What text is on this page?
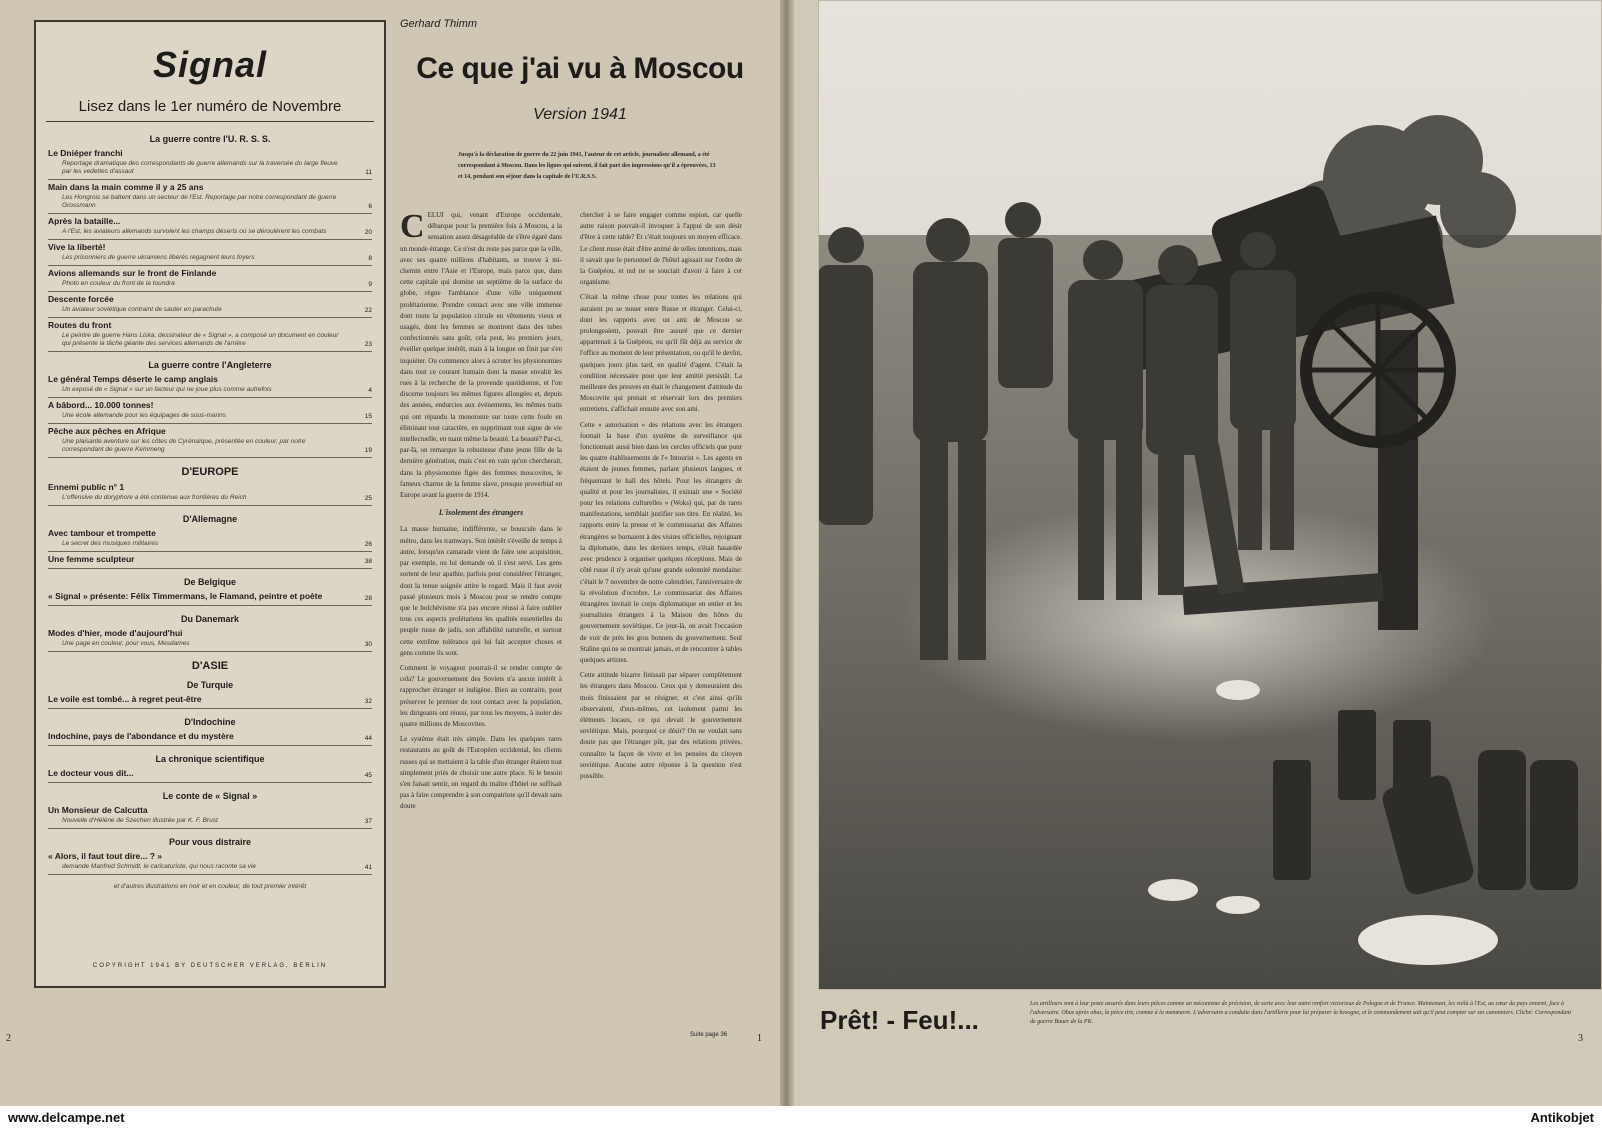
Signal
Lisez dans le 1er numéro de Novembre
La guerre contre l'U. R. S. S.
Le Dniéper franchi
Reportage dramatique des correspondants de guerre allemands sur la traversée du large fleuve par les vedettes d'assaut	11
Main dans la main comme il y a 25 ans
Les Hongrois se battent dans un secteur de l'Est. Reportage par notre correspondant de guerre Grossmann	6
Après la bataille...
A l'Est, les aviateurs allemands survolent les champs déserts où se déroulèrent les combats	20
Vive la liberté!
Les prisonniers de guerre ukrainiens libérés regagnent leurs foyers	8
Avions allemands sur le front de Finlande
Photo en couleur du front de la toundra	9
Descente forcée
Un aviateur soviétique contraint de sauter en parachute	22
Routes du front
Le peintre de guerre Hans Liska, dessinateur de « Signal », a composé un document en couleur qui présente la tâche géante des services allemands de l'arrière	23
La guerre contre l'Angleterre
Le général Temps déserte le camp anglais
Un exposé de « Signal » sur un facteur qui ne joue plus comme autrefois	4
A bâbord... 10.000 tonnes!
Une école allemande pour les équipages de sous-marins	15
Pêche aux pêches en Afrique
Une plaisante aventure sur les côtes de Cyrénaïque, présentée en couleur, par notre correspondant de guerre Kemmeng	19
D'EUROPE
Ennemi public n° 1
L'offensive du doryphore a été contenue aux frontières du Reich	25
D'Allemagne
Avec tambour et trompette
Le secret des musiques militaires	26
Une femme sculpteur	38
De Belgique
« Signal » présente: Félix Timmermans, le Flamand, peintre et poète	28
Du Danemark
Modes d'hier, mode d'aujourd'hui
Une page en couleur, pour vous, Mesdames	30
D'ASIE
De Turquie
Le voile est tombé... à regret peut-être	32
D'Indochine
Indochine, pays de l'abondance et du mystère	44
La chronique scientifique
Le docteur vous dit...	45
Le conte de « Signal »
Un Monsieur de Calcutta
Nouvelle d'Hélène de Szechen illustrée par K. F. Brust	37
Pour vous distraire
« Alors, il faut tout dire... ? »
demande Manfred Schmidt, le caricaturiste, qui nous raconte sa vie	41
et d'autres illustrations en noir et en couleur, de tout premier intérêt
COPYRIGHT 1941 BY DEUTSCHER VERLAG, BERLIN
Gerhard Thimm
Ce que j'ai vu à Moscou
Version 1941
Jusqu'à la déclaration de guerre du 22 juin 1941, l'auteur de cet article, journaliste allemand, a été correspondant à Moscou. Dans les lignes qui suivent, il fait part des impressions qu'il a éprouvées, 13 et 14, pendant son séjour dans la capitale de l'U.R.S.S.

C ELUI qui, venant d'Europe occidentale, débarque pour la première fois à Moscou, a la sensation assez désagréable de s'être égaré dans un monde étrange. Ce n'est du reste pas parce que la ville, avec ses quatre millions d'habitants, se trouve à mi-chemin entre l'Asie et l'Europe, mais parce que, dans cette capitale qui domine un septième de la surface du globe, règne l'ambiance d'une ville uniquement prolétarienne. Prendre contact avec une ville immense dont toute la population circule en vêtements vieux et usagés, dont les femmes se montrent dans des tubes confectionnés sans goût, cela peut, les premiers jours, éveiller quelque intérêt, mais à la longue on finit par s'en inquiéter. On commence alors à scruter les physionomies dans tout ce courant humain dont la masse envahit les rues à la recherche de la provende quotidienne, et l'on discerne toujours les mêmes figures allongées et, depuis des années, endurcies aux événements, les mêmes traits qui ont répandu la monotonie sur toute cette foule en éliminant tout caractère, en supprimant tout signe de vie intellectuelle, en tuant même la beauté. La beauté? Par-ci, par-là, on remarque la robustesse d'une jeune fille de la dernière génération, mais c'est en vain qu'on chercherait, dans la physionomie figée des femmes moscovites, le fameux charme de la femme slave, presque proverbial en Europe avant la guerre de 1914.

L'isolement des étrangers

La masse humaine, indifférente, se bouscule dans le métro, dans les tramways. Son intérêt s'éveille de temps à autre, lorsqu'un camarade vient de faire une acquisition, par exemple, ou lui demande où il s'est servi. Les gens sortent de leur apathie, parfois pour considérer l'étranger, dont la tenue soignée attire le regard. Mais il faut avoir passé plusieurs mois à Moscou pour se rendre compte que le bolchévisme n'a pas encore réussi à faire oublier tous ces aspects prolétariens les qualités essentielles du peuple russe de jadis, son affabilité naturelle, et surtout cette extrême tolérance qui lui fait accepter choses et gens comme ils sont.

Comment le voyageur pourrait-il se rendre compte de cela? Le gouvernement des Soviets n'a aucun intérêt à rapprocher étranger et indigène. Bien au contraire, pour préserver le premier de tout contact avec la population, les dirigeants ont réussi, par tous les moyens, à isoler des quatre millions de Moscovites.

Le système était très simple. Dans les quelques rares restaurants au goût de l'Européen occidental, les clients russes qui se mettaient à la table d'un étranger étaient tout simplement priés de choisir une autre place. Si le besoin s'en faisait sentir, un regard du maître d'hôtel ne suffisait pas à faire comprendre à son compatriote qu'il devait sans doute

chercher à se faire engager comme espion, car quelle autre raison pouvait-il invoquer à l'appui de son désir d'être à cette table? Et c'était toujours un moyen efficace. Le client russe était d'être animé de telles intentions, mais il savait que le personnel de l'hôtel agissait sur l'ordre de la Guépéou, et nul ne se souciait d'avoir à faire à cet organisme.

C'était la même chose pour toutes les relations qui auraient pu se nouer entre Russe et étranger. Celui-ci, dont les rapports avec un ami de Moscou se prolongeaient, pouvait être assuré que ce dernier appartenait à la Guépéou, ou qu'il fût déjà au service de l'office au moment de leur présentation, ou qu'il le devînt, quelques jours plus tard, en qualité d'agent. C'était la condition nécessaire pour que leur amitié persistât. La meilleure des preuves en était le changement d'attitude du Moscovite qui prenait et réservait lors des premiers entretiens, s'affichait ensuite avec son ami.

Cette « autorisation » des relations avec les étrangers formait la base d'un système de surveillance qui fonctionnait aussi bien dans les cercles officiels que pour les quatre établissements de l'« Intourist ». Les agents en étaient de jeunes femmes, parlant plusieurs langues, et fréquentant le hall des hôtels. Pour les étrangers de qualité et pour les journalistes, il existait une « Société pour les relations culturelles » (Woks) qui, par de rares manifestations, semblait justifier son titre. En réalité, les rapports entre la presse et le commissariat des Affaires étrangères se bornaient à des visites officielles, rejoignant la diplomatie, dans les derniers temps, s'était hasardée avec prudence à organiser quelques réceptions. Mais de côté russe il n'y avait qu'une grande solennité mondaine: c'était le 7 novembre de notre calendrier, l'anniversaire de la révolution d'octobre. Le commissariat des Affaires étrangères invitait le corps diplomatique en entier et les journalistes étrangers à la Maison des hôtes du gouvernement soviétique. Ce jour-là, on avait l'occasion de voir de près les gros bonnets du gouvernement. Seul Staline qui ne se montrait jamais, et de rencontrer à tables quelques artistes.

Cette attitude bizarre finissait par séparer complètement les étrangers dans Moscou. Ceux qui y demeuraient des mois finissaient par se résigner, et c'est ainsi qu'ils observaient, d'eux-mêmes, cet isolement parmi les éléments locaux, ce qui devait le gouvernement soviétique. Mais, pourquoi ce désir? On ne voulait sans doute pas que l'étranger pût, par des relations privées, connaître la façon de vivre et les pensées du citoyen soviétique. Aucune autre réponse à la question n'est possible.

Suite page 36
2	1	3
Prêt! - Feu!...
Les artilleurs sont à leur poste assurés dans leurs pièces comme un mécanisme de précision, de sorte avec leur autre renfort victorieux de Pologne et de France. Maintenant, les voilà à l'Est, au cœur du pays ennemi, face à l'adversaire. Obus après obus, la pièce tire, comme à la manœuvre. L'adversaire a conduite dans l'artillerie pour lui préparer la besogne, et le commandement sait qu'il peut compter sur ses canonniers. Cliché: Correspondant de guerre Bauer de la PK.
www.delcampe.net	Antikobjet
